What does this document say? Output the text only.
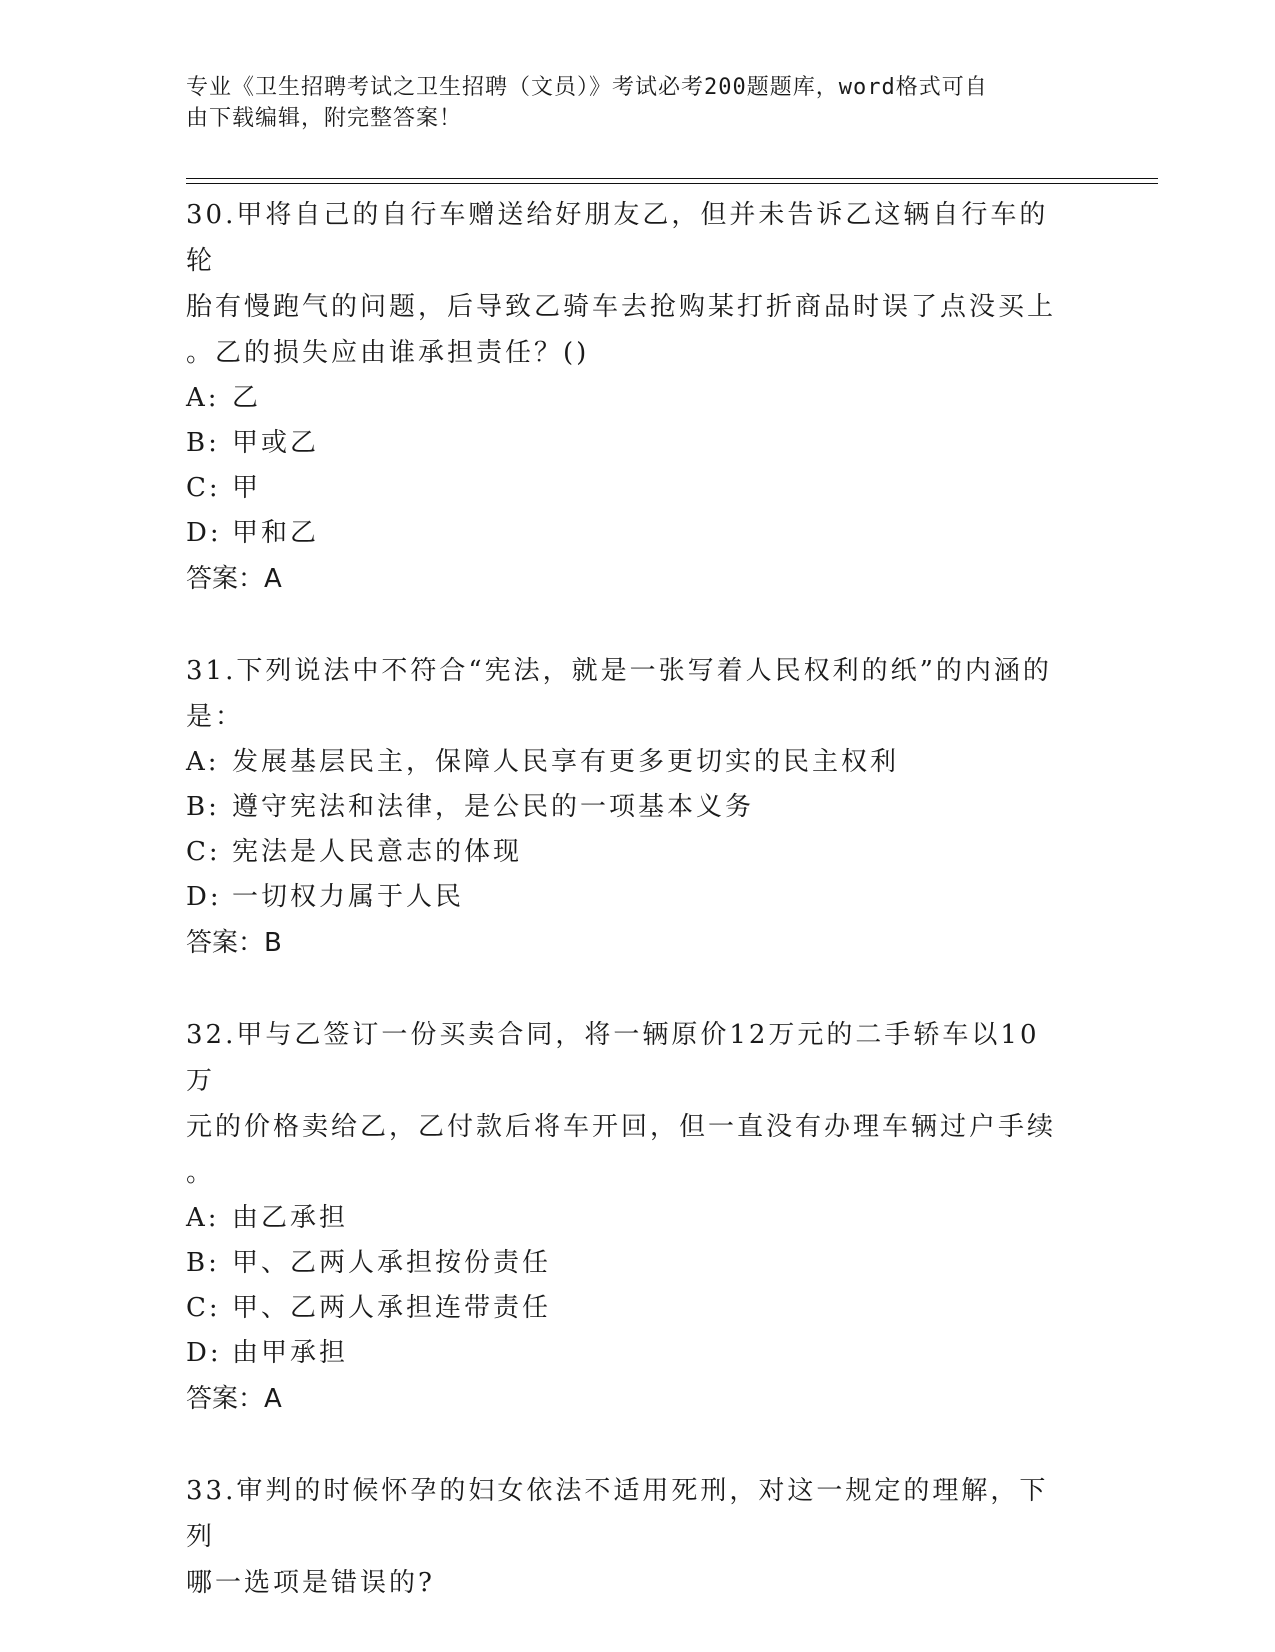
专业《卫生招聘考试之卫生招聘（文员）》考试必考200题题库，word格式可自
由下载编辑，附完整答案！

30.甲将自己的自行车赠送给好朋友乙，但并未告诉乙这辆自行车的轮

胎有慢跑气的问题，后导致乙骑车去抢购某打折商品时误了点没买上

。乙的损失应由谁承担责任？()

A: 乙

B: 甲或乙

C: 甲

D: 甲和乙

答案：A

31.下列说法中不符合“宪法，就是一张写着人民权利的纸”的内涵的

是：

A: 发展基层民主，保障人民享有更多更切实的民主权利

B: 遵守宪法和法律，是公民的一项基本义务

C: 宪法是人民意志的体现

D: 一切权力属于人民

答案：B

32.甲与乙签订一份买卖合同，将一辆原价12万元的二手轿车以10万

元的价格卖给乙，乙付款后将车开回，但一直没有办理车辆过户手续

。

A: 由乙承担

B: 甲、乙两人承担按份责任

C: 甲、乙两人承担连带责任

D: 由甲承担

答案：A

33.审判的时候怀孕的妇女依法不适用死刑，对这一规定的理解，下列

哪一选项是错误的?
